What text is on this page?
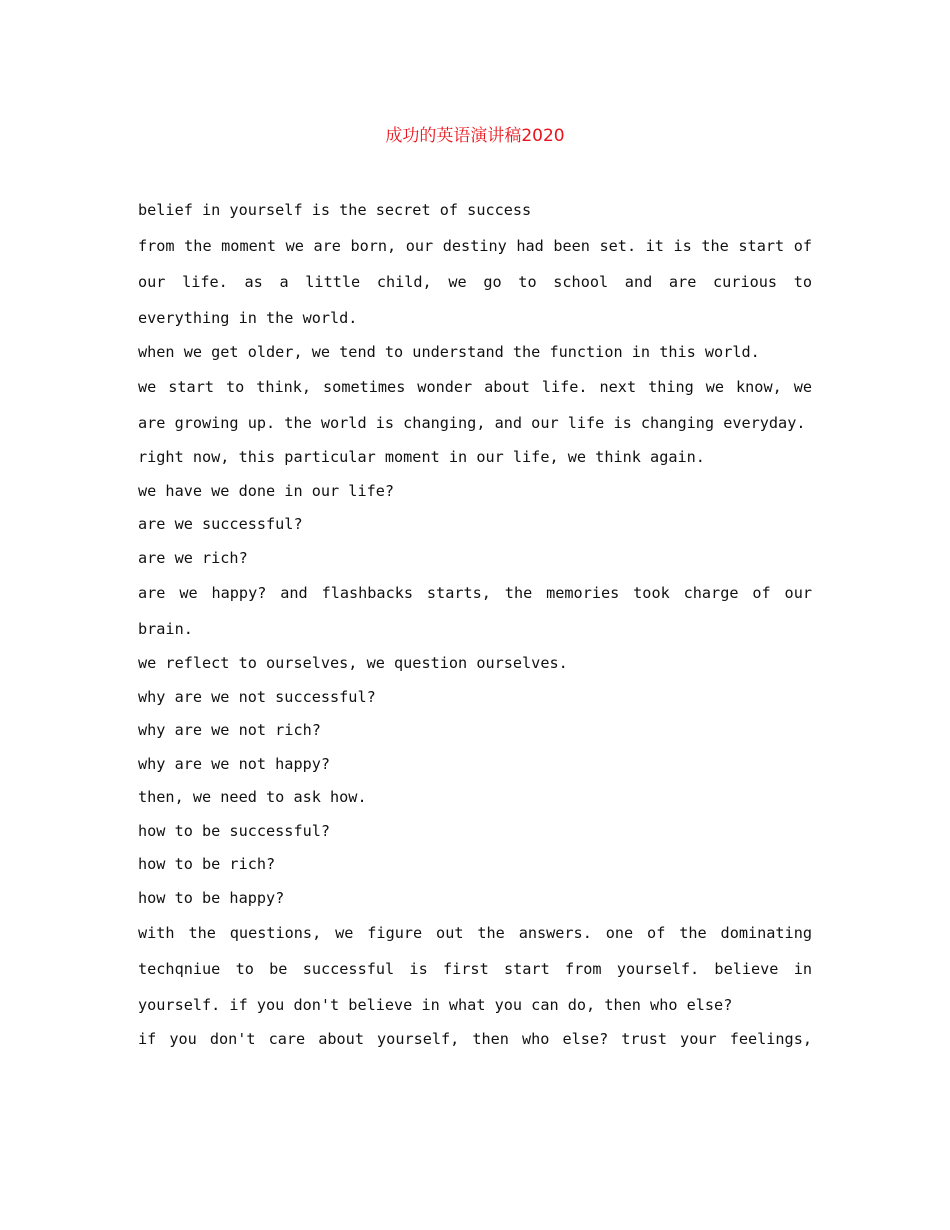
成功的英语演讲稿2020

belief in yourself is the secret of success

from the moment we are born, our destiny had been set. it is the start of our life. as a little child, we go to school and are curious to everything in the world.

when we get older, we tend to understand the function in this world.

we start to think, sometimes wonder about life. next thing we know, we are growing up. the world is changing, and our life is changing everyday.

right now, this particular moment in our life, we think again.

we have we done in our life?

are we successful?

are we rich?

are we happy? and flashbacks starts, the memories took charge of our brain.

we reflect to ourselves, we question ourselves.

why are we not successful?

why are we not rich?

why are we not happy?

then, we need to ask how.

how to be successful?

how to be rich?

how to be happy?

with the questions, we figure out the answers. one of the dominating techqniue to be successful is first start from yourself. believe in yourself. if you don't believe in what you can do, then who else?

if you don't care about yourself, then who else? trust your feelings,
